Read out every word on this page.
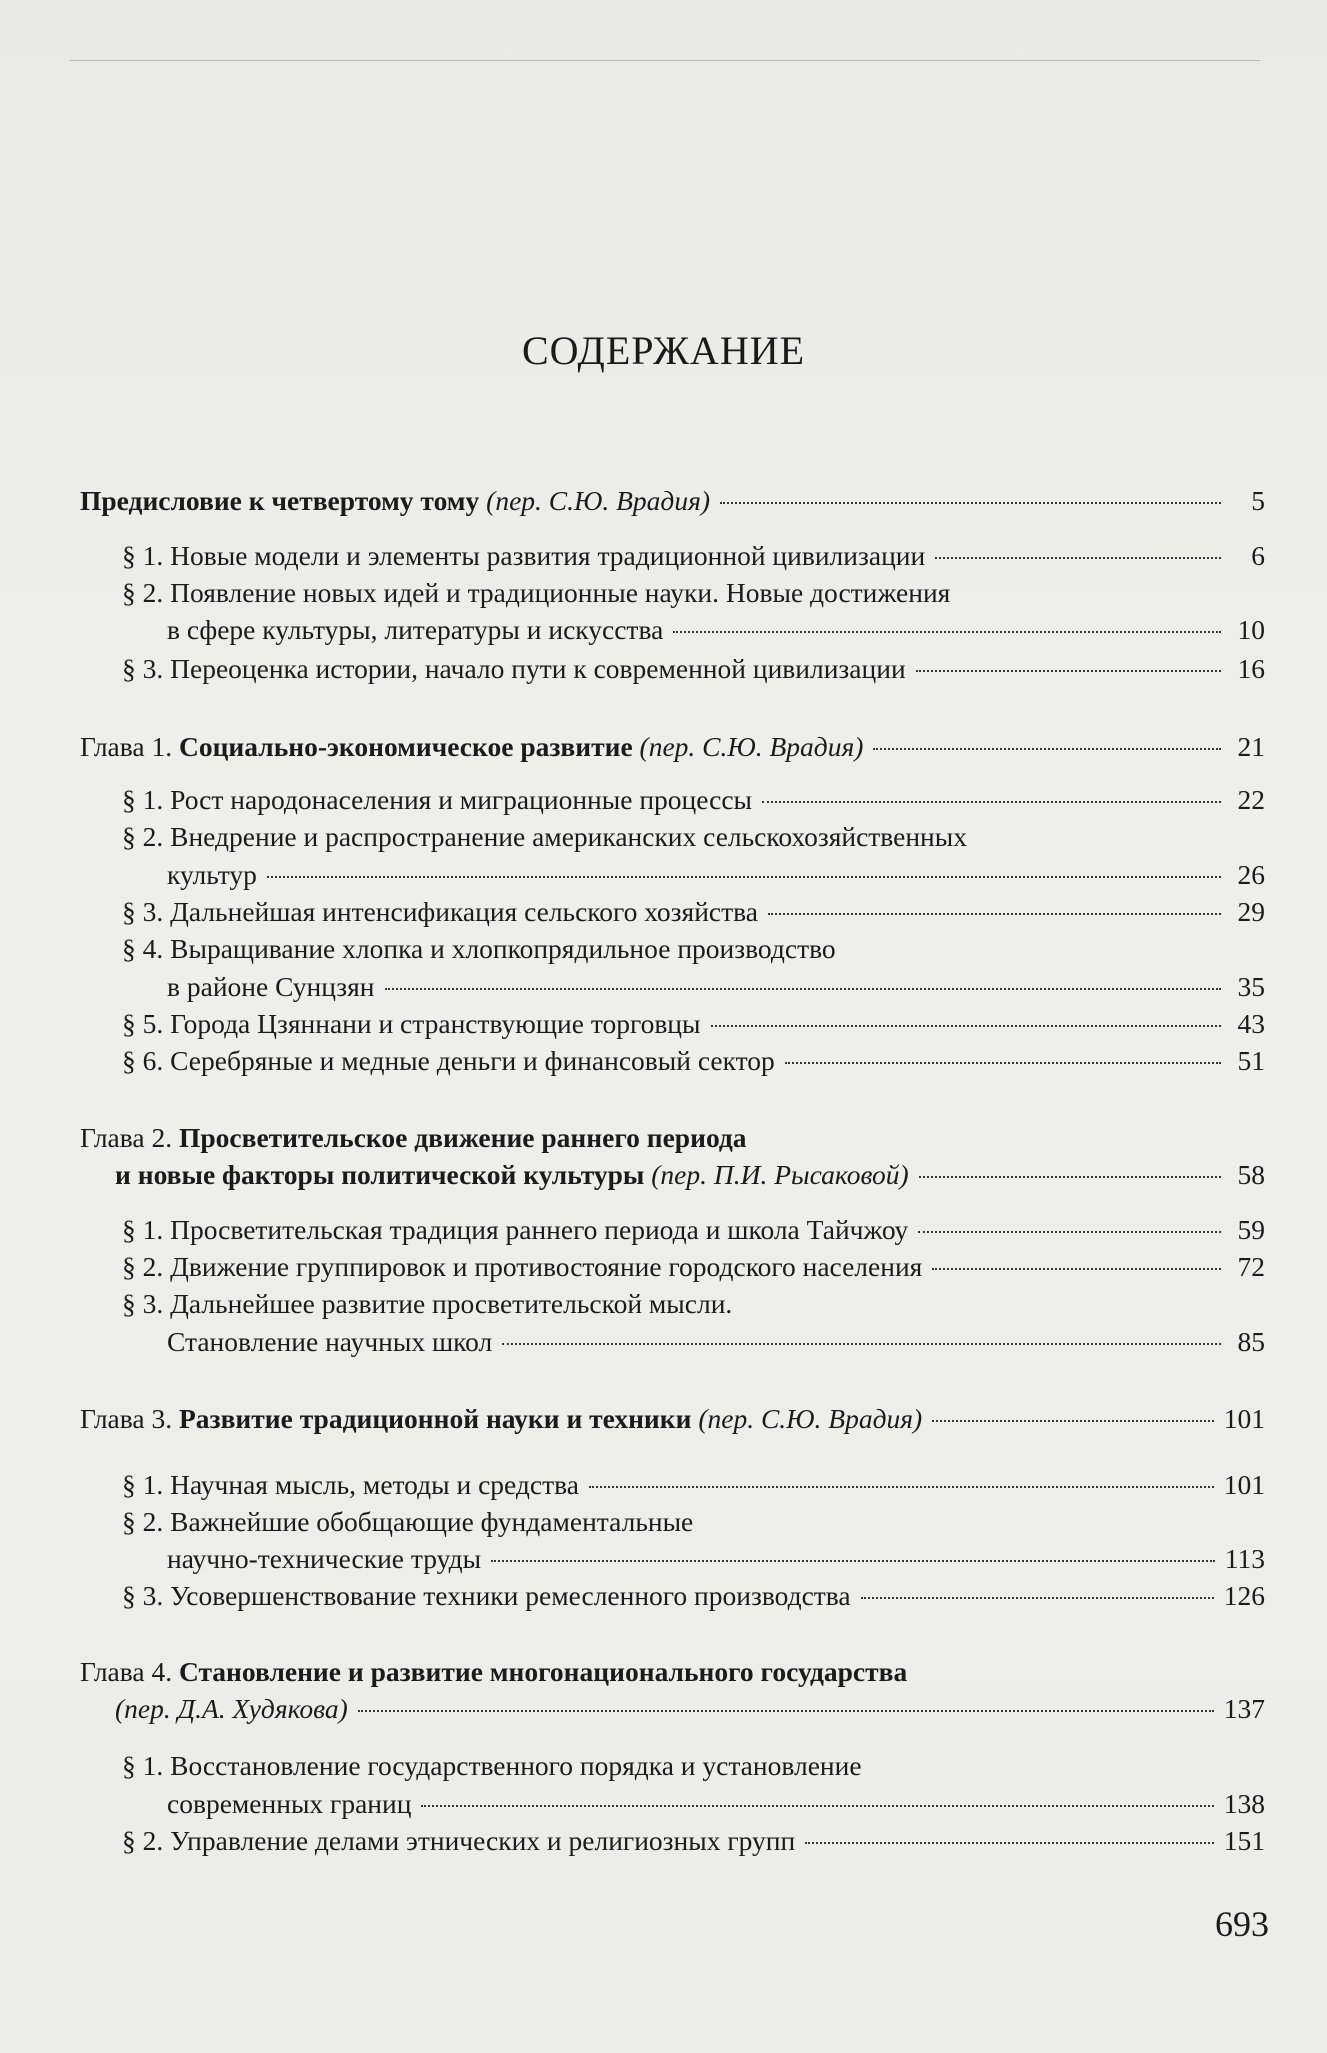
СОДЕРЖАНИЕ
Предисловие к четвертому тому (пер. С.Ю. Врадия)	5
§ 1. Новые модели и элементы развития традиционной цивилизации	6
§ 2. Появление новых идей и традиционные науки. Новые достижения
в сфере культуры, литературы и искусства	10
§ 3. Переоценка истории, начало пути к современной цивилизации	16
Глава 1. Социально-экономическое развитие (пер. С.Ю. Врадия)	21
§ 1. Рост народонаселения и миграционные процессы	22
§ 2. Внедрение и распространение американских сельскохозяйственных
культур	26
§ 3. Дальнейшая интенсификация сельского хозяйства	29
§ 4. Выращивание хлопка и хлопкопрядильное производство
в районе Сунцзян	35
§ 5. Города Цзяннани и странствующие торговцы	43
§ 6. Серебряные и медные деньги и финансовый сектор	51
Глава 2. Просветительское движение раннего периода
и новые факторы политической культуры (пер. П.И. Рысаковой)	58
§ 1. Просветительская традиция раннего периода и школа Тайчжоу	59
§ 2. Движение группировок и противостояние городского населения	72
§ 3. Дальнейшее развитие просветительской мысли.
Становление научных школ	85
Глава 3. Развитие традиционной науки и техники (пер. С.Ю. Врадия)	101
§ 1. Научная мысль, методы и средства	101
§ 2. Важнейшие обобщающие фундаментальные
научно-технические труды	113
§ 3. Усовершенствование техники ремесленного производства	126
Глава 4. Становление и развитие многонационального государства
(пер. Д.А. Худякова)	137
§ 1. Восстановление государственного порядка и установление
современных границ	138
§ 2. Управление делами этнических и религиозных групп	151
693
